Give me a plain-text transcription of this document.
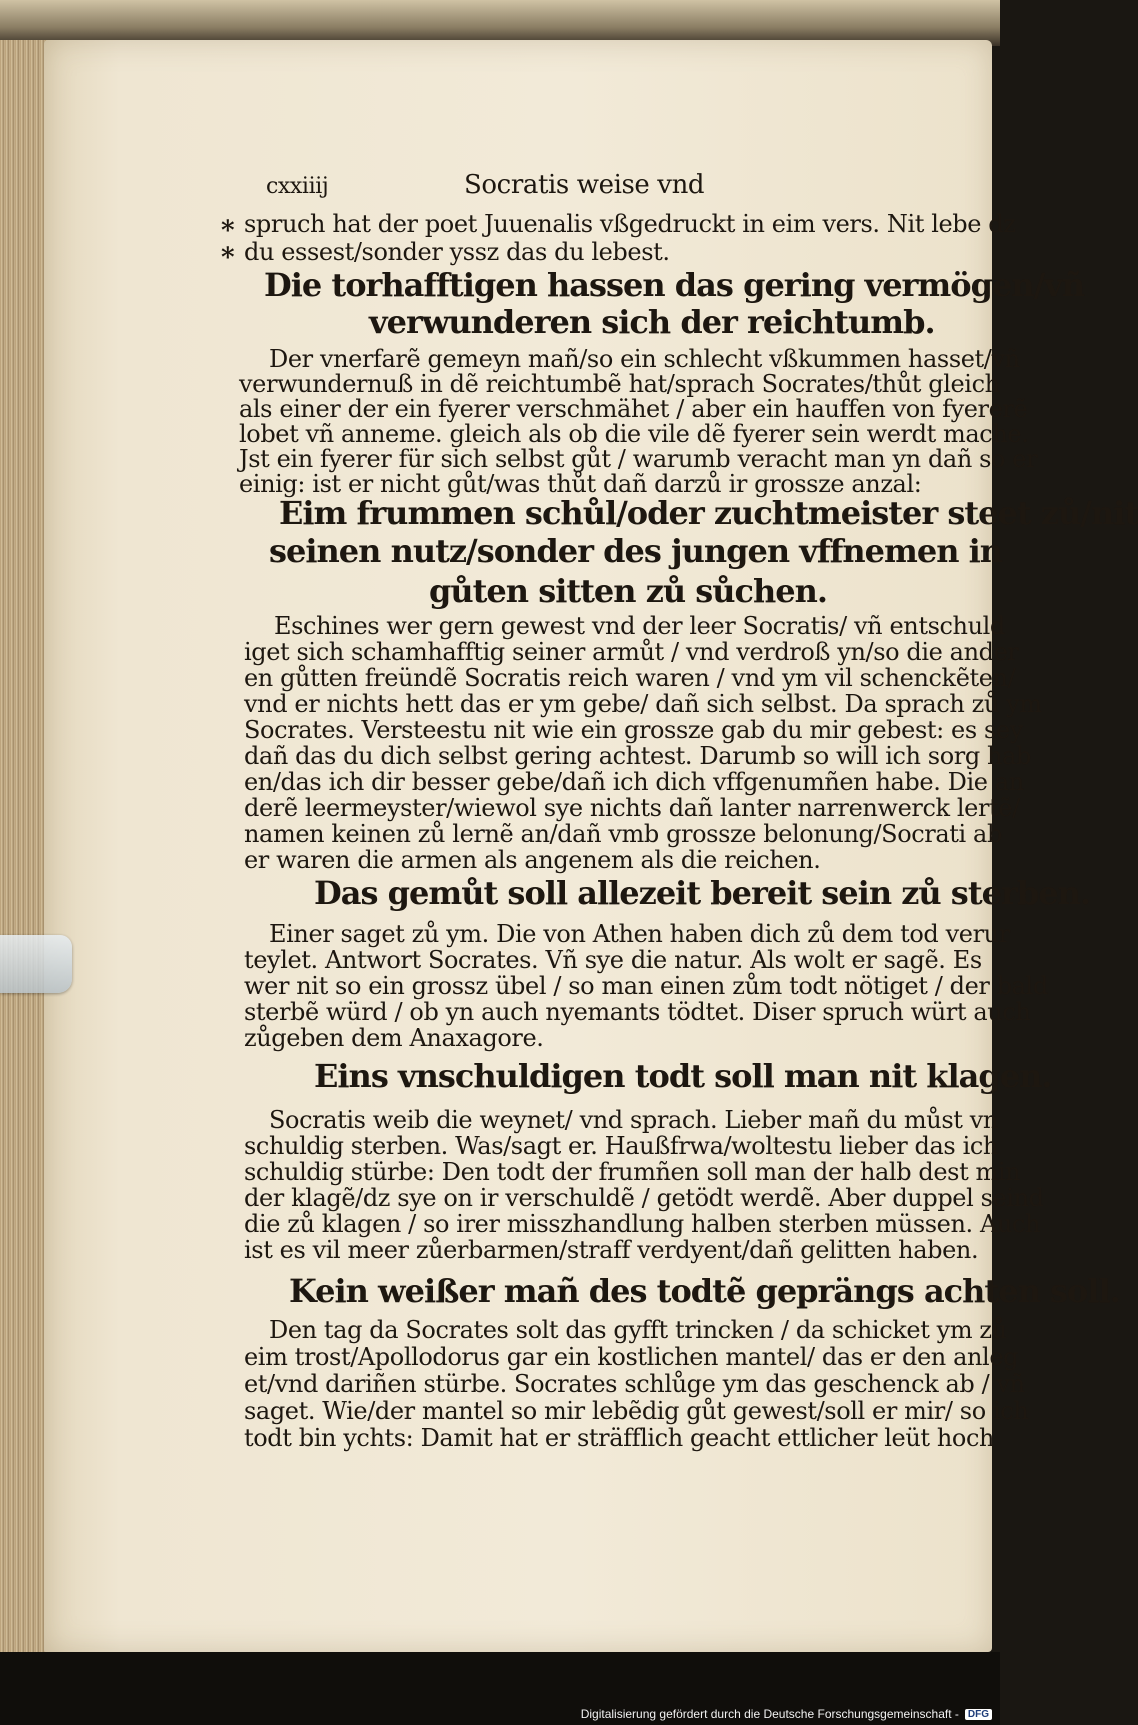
cxxiiij	Socratis weise vnd
*
*
spruch hat der poet Juuenalis vßgedruckt in eim vers. Nit lebe dz
du essest/sonder yssz das du lebest.
Die torhafftigen hassen das gering vermögen/vñ
verwunderen sich der reichtumb.
Der vnerfarẽ gemeyn mañ/so ein schlecht vßkummen hasset/vñ
verwundernuß in dẽ reichtumbẽ hat/sprach Socrates/thůt gleich
als einer der ein fyerer verschmähet / aber ein hauffen von fyererẽ
lobet vñ anneme. gleich als ob die vile dẽ fyerer sein werdt mache.
Jst ein fyerer für sich selbst gůt / warumb veracht man yn dañ so er
einig: ist er nicht gůt/was thůt dañ darzů ir grossze anzal:
Eim frummen schůl/oder zuchtmeister steet zů/nit
seinen nutz/sonder des jungen vffnemen in
gůten sitten zů sůchen.
Eschines wer gern gewest vnd der leer Socratis/ vñ entschuld
iget sich schamhafftig seiner armůt / vnd verdroß yn/so die ander
en gůtten freündẽ Socratis reich waren / vnd ym vil schenckẽten/
vnd er nichts hett das er ym gebe/ dañ sich selbst. Da sprach zů ym
Socrates. Versteestu nit wie ein grossze gab du mir gebest: es sey
dañ das du dich selbst gering achtest. Darumb so will ich sorg hab
en/das ich dir besser gebe/dañ ich dich vffgenumñen habe. Die an
derẽ leermeyster/wiewol sye nichts dañ lanter narrenwerck lertẽ/
namen keinen zů lernẽ an/dañ vmb grossze belonung/Socrati ab
er waren die armen als angenem als die reichen.
Das gemůt soll allezeit bereit sein zů sterben.
Einer saget zů ym. Die von Athen haben dich zů dem tod verur
teylet. Antwort Socrates. Vñ sye die natur. Als wolt er sagẽ. Es
wer nit so ein grossz übel / so man einen zům todt nötiget / der bald
sterbẽ würd / ob yn auch nyemants tödtet. Diser spruch würt auch
zůgeben dem Anaxagore.
Eins vnschuldigen todt soll man nit klagen.
Socratis weib die weynet/ vnd sprach. Lieber mañ du můst vn
schuldig sterben. Was/sagt er. Haußfrwa/woltestu lieber das ich
schuldig stürbe: Den todt der frumñen soll man der halb dest min
der klagẽ/dz sye on ir verschuldẽ / getödt werdẽ. Aber duppel seind
die zů klagen / so irer misszhandlung halben sterben müssen. Auch
ist es vil meer zůerbarmen/straff verdyent/dañ gelitten haben.
Kein weißer mañ des todtẽ geprängs achten soll.
Den tag da Socrates solt das gyfft trincken / da schicket ym zů
eim trost/Apollodorus gar ein kostlichen mantel/ das er den anleg
et/vnd dariñen stürbe. Socrates schlůge ym das geschenck ab / vñ
saget. Wie/der mantel so mir lebẽdig gůt gewest/soll er mir/ so ich
todt bin ychts: Damit hat er sträfflich geacht ettlicher leüt hoch
Digitalisierung gefördert durch die Deutsche Forschungsgemeinschaft - DFG
